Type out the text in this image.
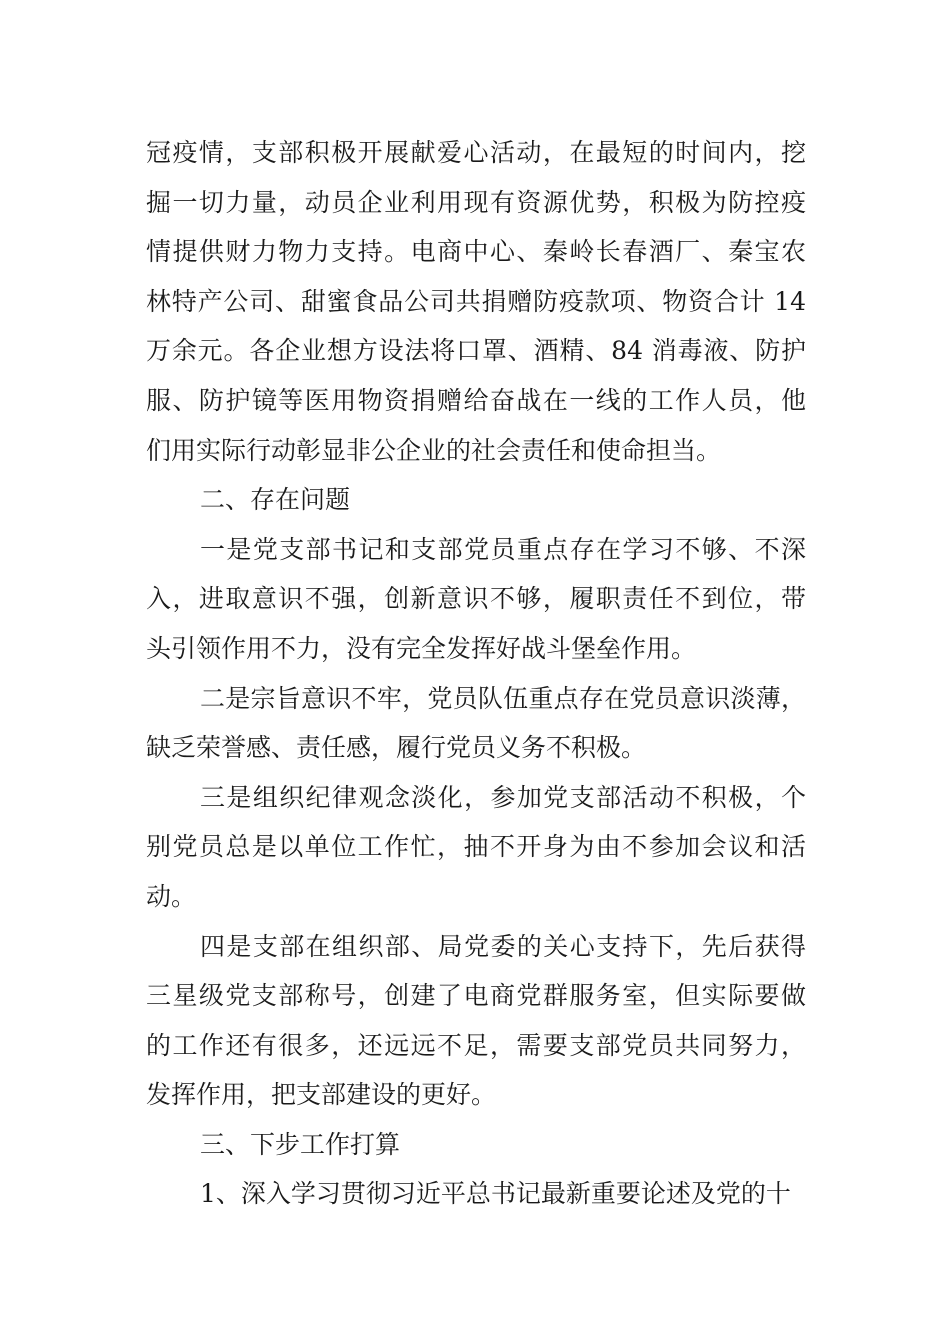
冠疫情，支部积极开展献爱心活动，在最短的时间内，挖
掘一切力量，动员企业利用现有资源优势，积极为防控疫
情提供财力物力支持。电商中心、秦岭长春酒厂、秦宝农
林特产公司、甜蜜食品公司共捐赠防疫款项、物资合计 14
万余元。各企业想方设法将口罩、酒精、84 消毒液、防护
服、防护镜等医用物资捐赠给奋战在一线的工作人员，他
们用实际行动彰显非公企业的社会责任和使命担当。
二、存在问题
一是党支部书记和支部党员重点存在学习不够、不深
入，进取意识不强，创新意识不够，履职责任不到位，带
头引领作用不力，没有完全发挥好战斗堡垒作用。
二是宗旨意识不牢，党员队伍重点存在党员意识淡薄，
缺乏荣誉感、责任感，履行党员义务不积极。
三是组织纪律观念淡化，参加党支部活动不积极，个
别党员总是以单位工作忙，抽不开身为由不参加会议和活
动。
四是支部在组织部、局党委的关心支持下，先后获得
三星级党支部称号，创建了电商党群服务室，但实际要做
的工作还有很多，还远远不足，需要支部党员共同努力，
发挥作用，把支部建设的更好。
三、下步工作打算
1、深入学习贯彻习近平总书记最新重要论述及党的十
